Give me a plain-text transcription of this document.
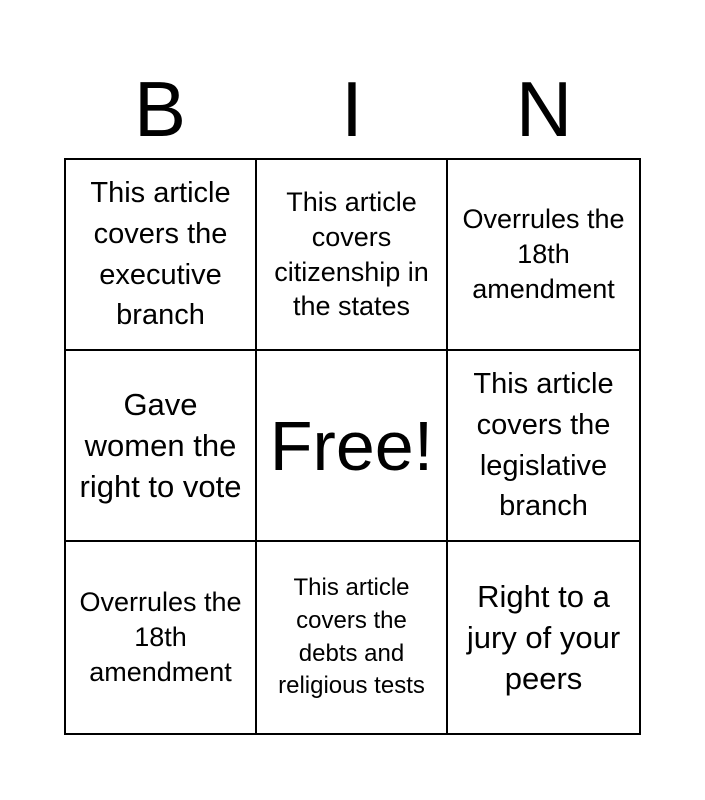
B	I	N
This article covers the executive branch
This article covers citizenship in the states
Overrules the 18th amendment
Gave women the right to vote
Free!
This article covers the legislative branch
Overrules the 18th amendment
This article covers the debts and religious tests
Right to a jury of your peers
